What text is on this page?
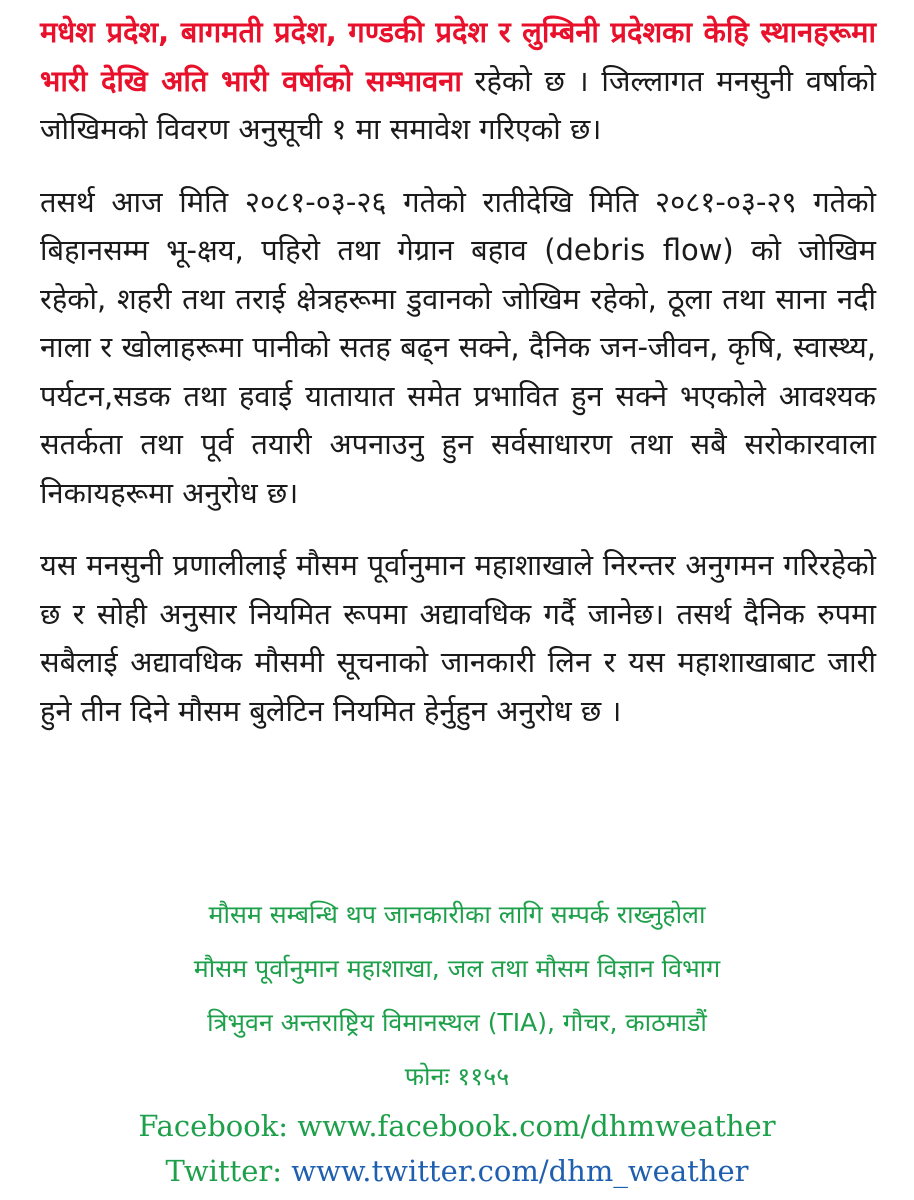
मधेश प्रदेश, बागमती प्रदेश, गण्डकी प्रदेश र लुम्बिनी प्रदेशका केहि स्थानहरूमा भारी देखि अति भारी वर्षाको सम्भावना रहेको छ । जिल्लागत मनसुनी वर्षाको जोखिमको विवरण अनुसूची १ मा समावेश गरिएको छ।

तसर्थ आज मिति २०८१-०३-२६ गतेको रातीदेखि मिति २०८१-०३-२९ गतेको बिहानसम्म भू-क्षय, पहिरो तथा गेग्रान बहाव (debris flow) को जोखिम रहेको, शहरी तथा तराई क्षेत्रहरूमा डुवानको जोखिम रहेको, ठूला तथा साना नदी नाला र खोलाहरूमा पानीको सतह बढ्न सक्ने, दैनिक जन-जीवन, कृषि, स्वास्थ्य, पर्यटन,सडक तथा हवाई यातायात समेत प्रभावित हुन सक्ने भएकोले आवश्यक सतर्कता तथा पूर्व तयारी अपनाउनु हुन सर्वसाधारण तथा सबै सरोकारवाला निकायहरूमा अनुरोध छ।

यस मनसुनी प्रणालीलाई मौसम पूर्वानुमान महाशाखाले निरन्तर अनुगमन गरिरहेको छ र सोही अनुसार नियमित रूपमा अद्यावधिक गर्दै जानेछ। तसर्थ दैनिक रुपमा सबैलाई अद्यावधिक मौसमी सूचनाको जानकारी लिन र यस महाशाखाबाट जारी हुने तीन दिने मौसम बुलेटिन नियमित हेर्नुहुन अनुरोध छ ।

मौसम सम्बन्धि थप जानकारीका लागि सम्पर्क राख्नुहोला
मौसम पूर्वानुमान महाशाखा, जल तथा मौसम विज्ञान विभाग
त्रिभुवन अन्तराष्ट्रिय विमानस्थल (TIA), गौचर, काठमाडौं
फोनः ११५५
Facebook: www.facebook.com/dhmweather
Twitter: www.twitter.com/dhm_weather
